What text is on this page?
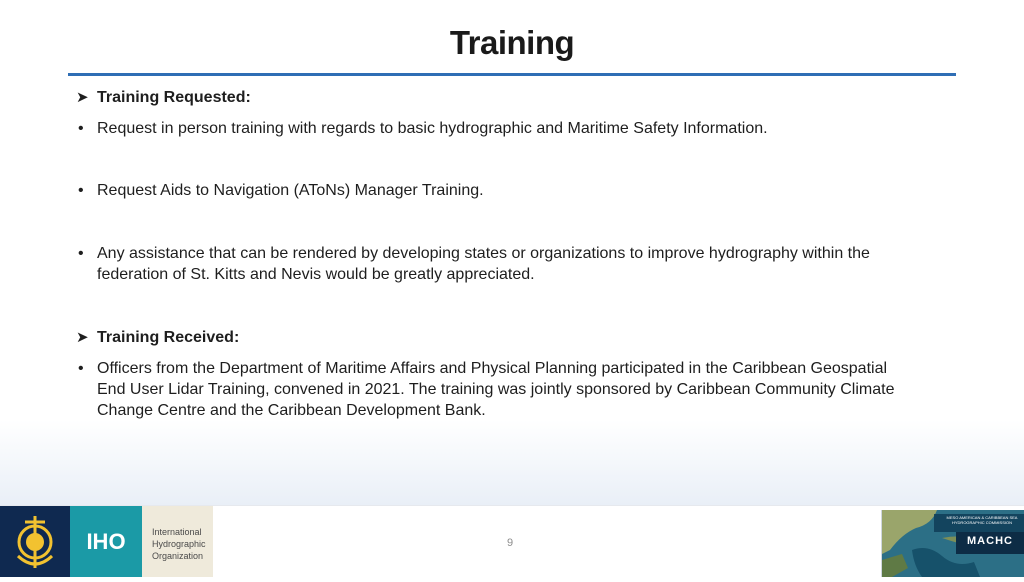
Training
➤ Training Requested:
• Request in person training with regards to basic hydrographic and Maritime Safety Information.
• Request Aids to Navigation (AToNs) Manager Training.
• Any assistance that can be rendered by developing states or organizations to improve hydrography within the federation of St. Kitts and Nevis would be greatly appreciated.
➤ Training Received:
• Officers from the Department of Maritime Affairs and Physical Planning participated in the Caribbean Geospatial End User Lidar Training, convened in 2021. The training was jointly sponsored by Caribbean Community Climate Change Centre and the Caribbean Development Bank.
IHO	International
Hydrographic
Organization
9
MESO AMERICAN & CARIBBEAN SEA HYDROGRAPHIC COMMISSION
MACHC
